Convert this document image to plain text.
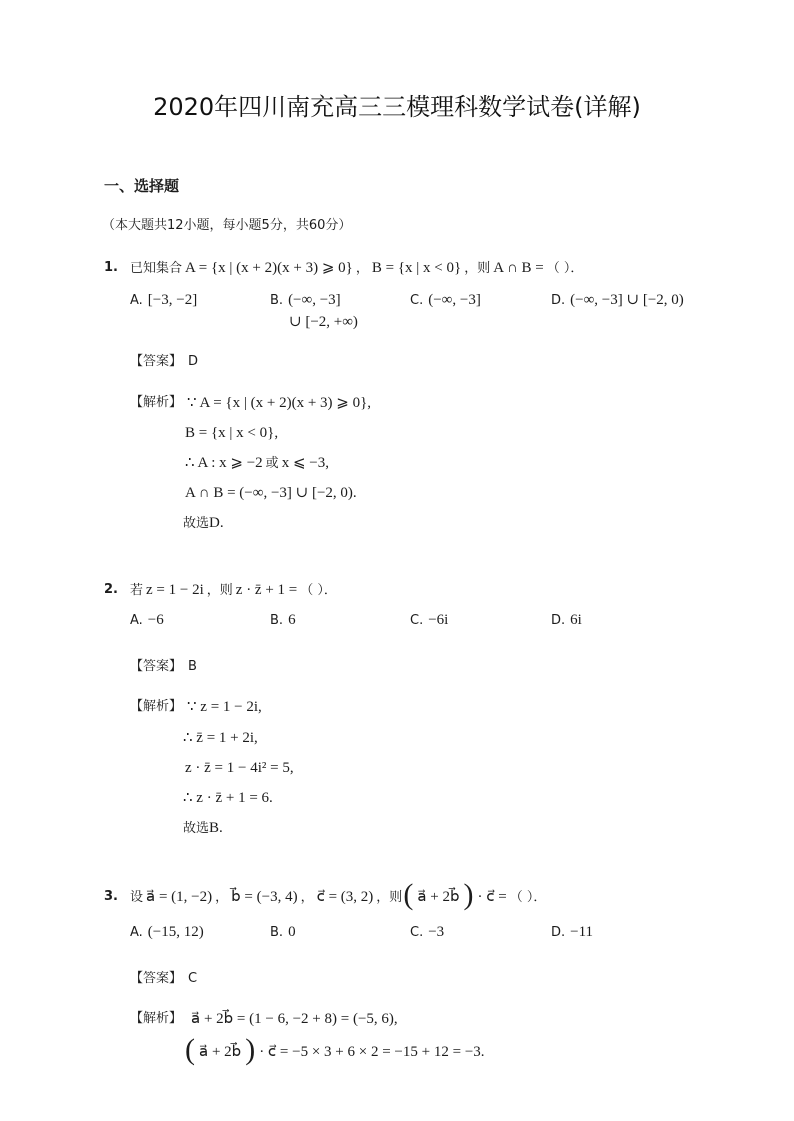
2020年四川南充高三三模理科数学试卷(详解)
一、选择题
（本大题共12小题，每小题5分，共60分）
1. 已知集合 A = {x | (x + 2)(x + 3) ⩾ 0} ， B = {x | x < 0} ，则 A ∩ B = （ ）．
A. [−3, −2]	B. (−∞, −3]
∪ [−2, +∞)
C. (−∞, −3]	D. (−∞, −3] ∪ [−2, 0)
【答案】 D
【解析】 ∵ A = {x | (x + 2)(x + 3) ⩾ 0},
B = {x | x < 0},
∴ A : x ⩾ −2 或 x ⩽ −3,
A ∩ B = (−∞, −3] ∪ [−2, 0).
故选D.
2. 若 z = 1 − 2i ，则 z · z̄ + 1 = （ ）．
A. −6	B. 6	C. −6i	D. 6i
【答案】 B
【解析】 ∵ z = 1 − 2i,
∴ z̄ = 1 + 2i,
z · z̄ = 1 − 4i² = 5,
∴ z · z̄ + 1 = 6.
故选B.
3. 设 a⃗ = (1, −2) ， b⃗ = (−3, 4) ， c⃗ = (3, 2) ，则( a⃗ + 2b⃗ ) · c⃗ = （ ）．
A. (−15, 12)	B. 0	C. −3	D. −11
【答案】 C
【解析】 a⃗ + 2b⃗ = (1 − 6, −2 + 8) = (−5, 6),
( a⃗ + 2b⃗ ) · c⃗ = −5 × 3 + 6 × 2 = −15 + 12 = −3.
